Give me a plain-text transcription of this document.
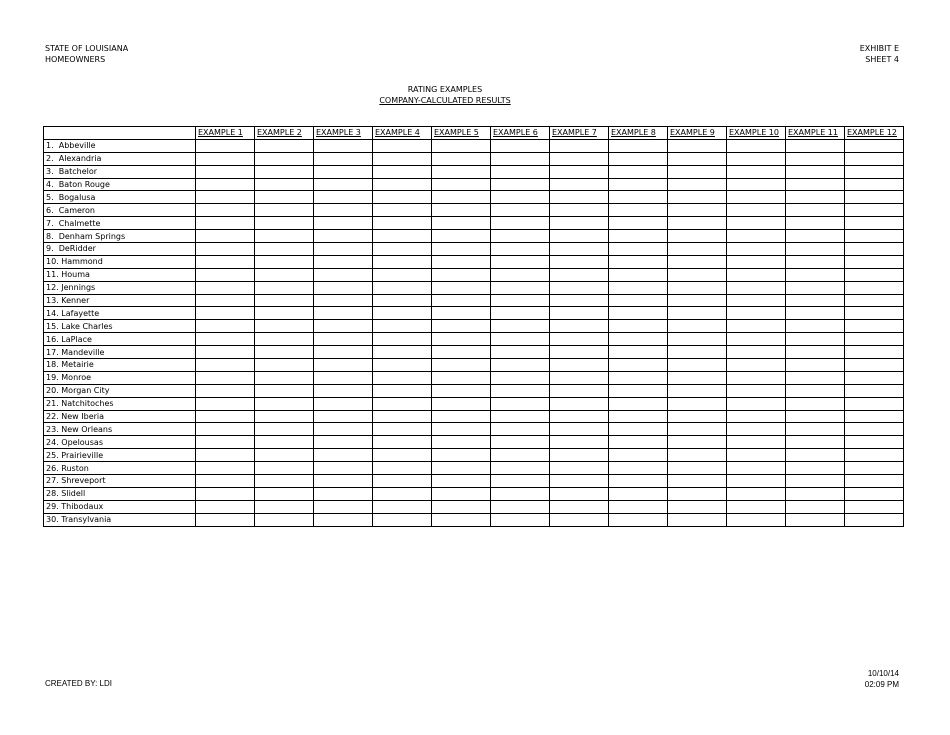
STATE OF LOUISIANA
HOMEOWNERS
EXHIBIT E
SHEET 4
RATING EXAMPLES
COMPANY-CALCULATED RESULTS
	EXAMPLE 1	EXAMPLE 2	EXAMPLE 3	EXAMPLE 4	EXAMPLE 5	EXAMPLE 6	EXAMPLE 7	EXAMPLE 8	EXAMPLE 9	EXAMPLE 10	EXAMPLE 11	EXAMPLE 12
1.  Abbeville												
2.  Alexandria												
3.  Batchelor												
4.  Baton Rouge												
5.  Bogalusa												
6.  Cameron												
7.  Chalmette												
8.  Denham Springs												
9.  DeRidder												
10. Hammond												
11. Houma												
12. Jennings												
13. Kenner												
14. Lafayette												
15. Lake Charles												
16. LaPlace												
17. Mandeville												
18. Metairie												
19. Monroe												
20. Morgan City												
21. Natchitoches												
22. New Iberia												
23. New Orleans												
24. Opelousas												
25. Prairieville												
26. Ruston												
27. Shreveport												
28. Slidell												
29. Thibodaux												
30. Transylvania												
CREATED BY: LDI
10/10/14
02:09 PM
